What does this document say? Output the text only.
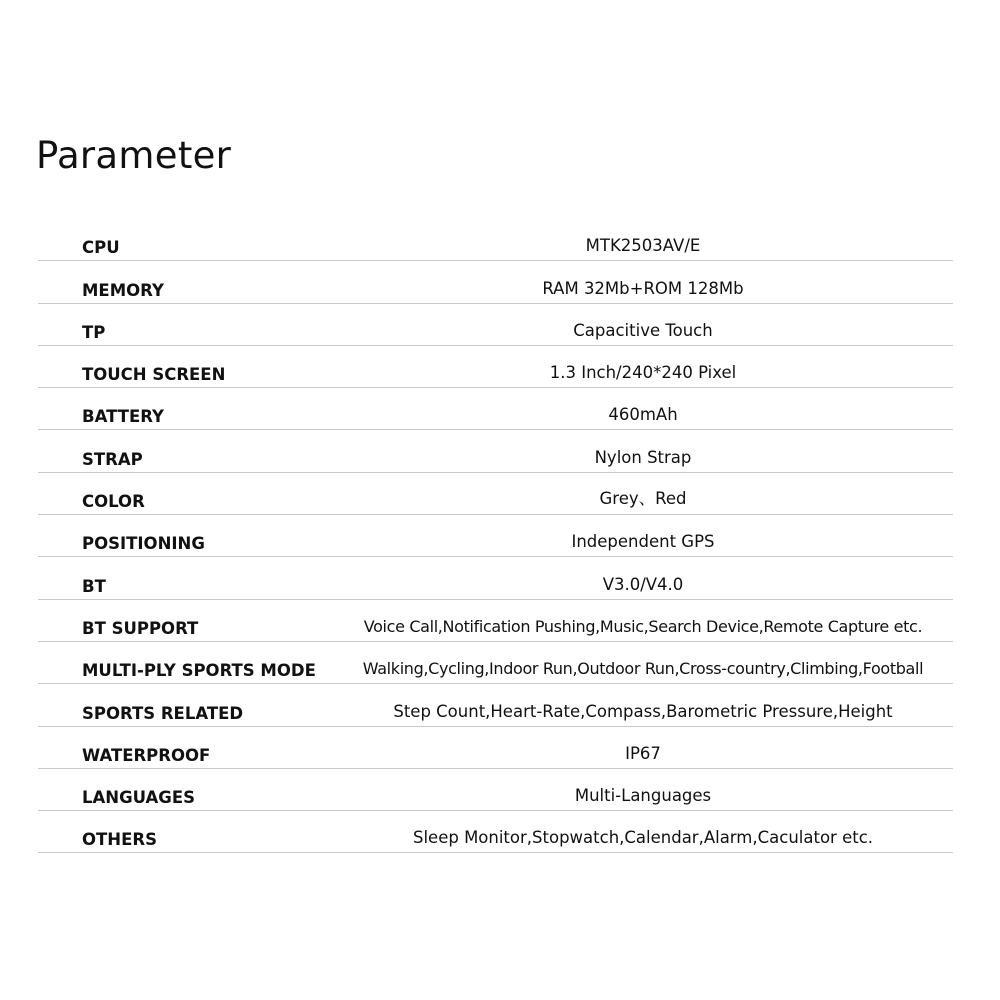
Parameter
CPU	MTK2503AV/E
MEMORY	RAM 32Mb+ROM 128Mb
TP	Capacitive Touch
TOUCH SCREEN	1.3 Inch/240*240 Pixel
BATTERY	460mAh
STRAP	Nylon Strap
COLOR	Grey、Red
POSITIONING	Independent GPS
BT	V3.0/V4.0
BT SUPPORT	Voice Call,Notification Pushing,Music,Search Device,Remote Capture etc.
MULTI-PLY SPORTS MODE	Walking,Cycling,Indoor Run,Outdoor Run,Cross-country,Climbing,Football
SPORTS RELATED	Step Count,Heart-Rate,Compass,Barometric Pressure,Height
WATERPROOF	IP67
LANGUAGES	Multi-Languages
OTHERS	Sleep Monitor,Stopwatch,Calendar,Alarm,Caculator etc.
